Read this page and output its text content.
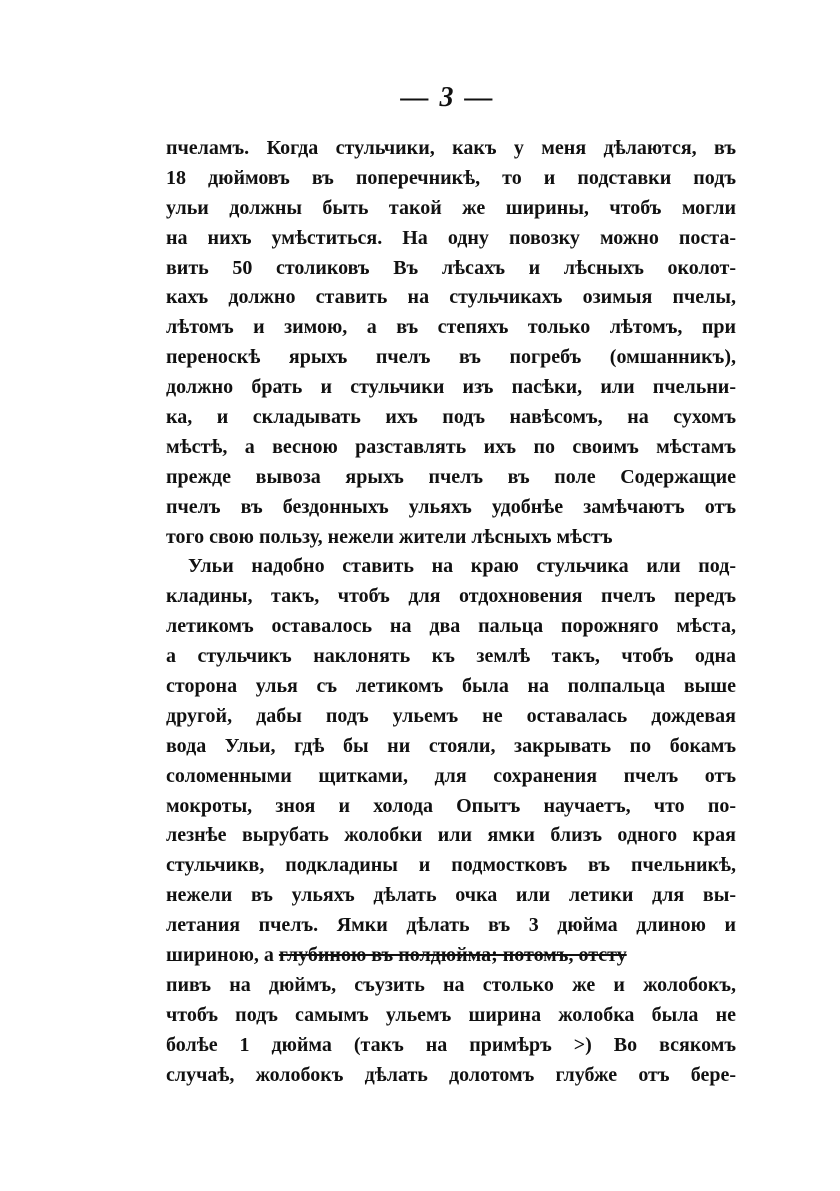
— 3 —
пчеламъ. Когда стульчики, какъ у меня дѣлаются, въ
18 дюймовъ въ поперечникѣ, то и подставки подъ
ульи должны быть такой же ширины, чтобъ могли
на нихъ умѣститься. На одну повозку можно поста-
вить 50 столиковъ Въ лѣсахъ и лѣсныхъ околот-
кахъ должно ставить на стульчикахъ озимыя пчелы,
лѣтомъ и зимою, а въ степяхъ только лѣтомъ, при
переноскѣ ярыхъ пчелъ въ погребъ (омшанникъ),
должно брать и стульчики изъ пасѣки, или пчельни-
ка, и складывать ихъ подъ навѣсомъ, на сухомъ
мѣстѣ, а весною разставлять ихъ по своимъ мѣстамъ
прежде вывоза ярыхъ пчелъ въ поле Содержащие
пчелъ въ бездонныхъ ульяхъ удобнѣе замѣчаютъ отъ
того свою пользу, нежели жители лѣсныхъ мѣстъ
Ульи надобно ставить на краю стульчика или под-
кладины, такъ, чтобъ для отдохновения пчелъ передъ
летикомъ оставалось на два пальца порожняго мѣста,
а стульчикъ наклонять къ землѣ такъ, чтобъ одна
сторона улья съ летикомъ была на полпальца выше
другой, дабы подъ ульемъ не оставалась дождевая
вода Ульи, гдѣ бы ни стояли, закрывать по бокамъ
соломенными щитками, для сохранения пчелъ отъ
мокроты, зноя и холода Опытъ научаетъ, что по-
лезнѣе вырубать жолобки или ямки близъ одного края
стульчикв, подкладины и подмостковъ въ пчельникѣ,
нежели въ ульяхъ дѣлать очка или летики для вы-
летания пчелъ. Ямки дѣлать въ 3 дюйма длиною и
шириною, а глубиною въ полдюйма; потомъ, отсту
пивъ на дюймъ, съузить на столько же и жолобокъ,
чтобъ подъ самымъ ульемъ ширина жолобка была не
болѣе 1 дюйма (такъ на примѣръ >) Во всякомъ
случаѣ, жолобокъ дѣлать долотомъ глубже отъ бере-
